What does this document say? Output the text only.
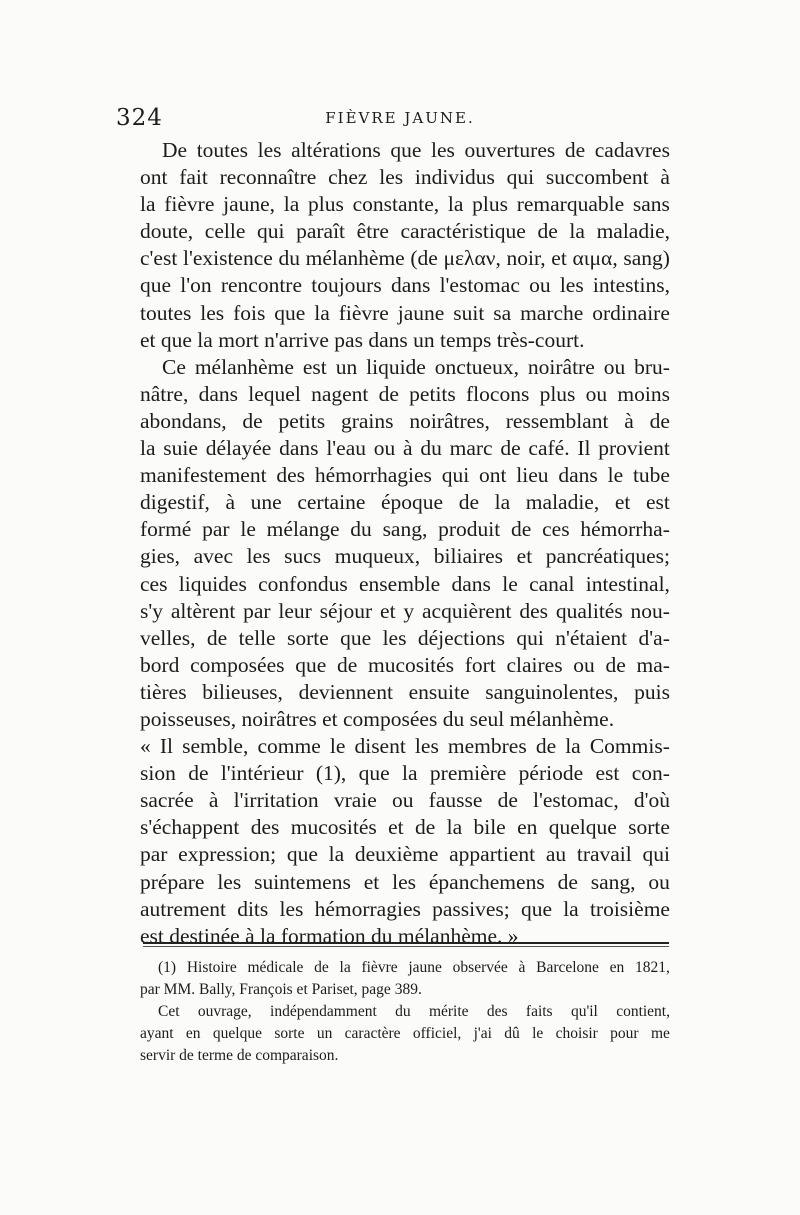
324	FIÈVRE JAUNE.
De toutes les altérations que les ouvertures de cadavres
ont fait reconnaître chez les individus qui succombent à
la fièvre jaune, la plus constante, la plus remarquable sans
doute, celle qui paraît être caractéristique de la maladie,
c'est l'existence du mélanhème (de μελαν, noir, et αιμα, sang)
que l'on rencontre toujours dans l'estomac ou les intestins,
toutes les fois que la fièvre jaune suit sa marche ordinaire
et que la mort n'arrive pas dans un temps très-court.
Ce mélanhème est un liquide onctueux, noirâtre ou bru-
nâtre, dans lequel nagent de petits flocons plus ou moins
abondans, de petits grains noirâtres, ressemblant à de
la suie délayée dans l'eau ou à du marc de café. Il provient
manifestement des hémorrhagies qui ont lieu dans le tube
digestif, à une certaine époque de la maladie, et est
formé par le mélange du sang, produit de ces hémorrha-
gies, avec les sucs muqueux, biliaires et pancréatiques;
ces liquides confondus ensemble dans le canal intestinal,
s'y altèrent par leur séjour et y acquièrent des qualités nou-
velles, de telle sorte que les déjections qui n'étaient d'a-
bord composées que de mucosités fort claires ou de ma-
tières bilieuses, deviennent ensuite sanguinolentes, puis
poisseuses, noirâtres et composées du seul mélanhème.
« Il semble, comme le disent les membres de la Commis-
sion de l'intérieur (1), que la première période est con-
sacrée à l'irritation vraie ou fausse de l'estomac, d'où
s'échappent des mucosités et de la bile en quelque sorte
par expression; que la deuxième appartient au travail qui
prépare les suintemens et les épanchemens de sang, ou
autrement dits les hémorragies passives; que la troisième
est destinée à la formation du mélanhème. »
(1) Histoire médicale de la fièvre jaune observée à Barcelone en 1821,
par MM. Bally, François et Pariset, page 389.
Cet ouvrage, indépendamment du mérite des faits qu'il contient,
ayant en quelque sorte un caractère officiel, j'ai dû le choisir pour me
servir de terme de comparaison.
